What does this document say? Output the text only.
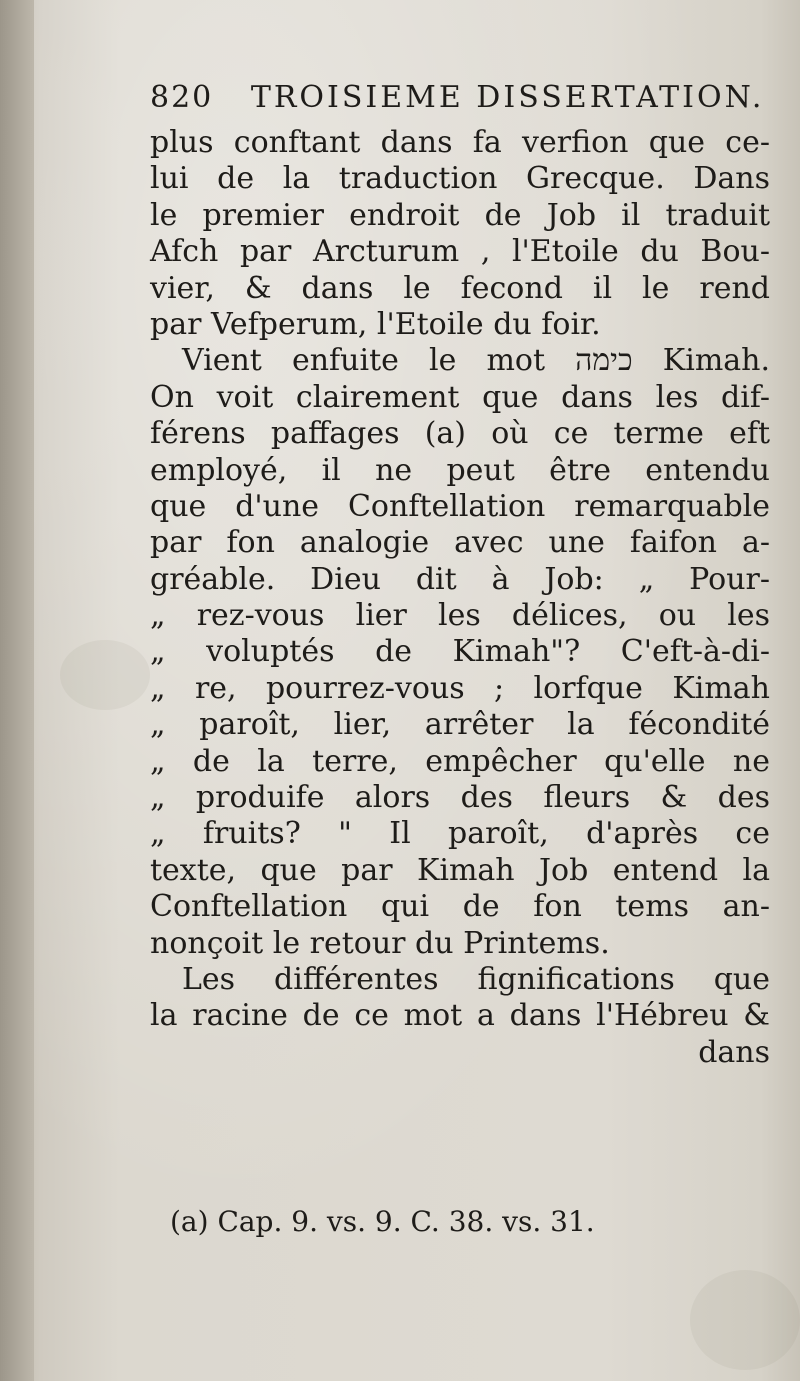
820 TROISIEME DISSERTATION.
plus conftant dans fa verfion que ce-
lui de la traduction Grecque. Dans
le premier endroit de Job il traduit
Afch par Arcturum , l'Etoile du Bou-
vier, & dans le fecond il le rend
par Vefperum, l'Etoile du foir.
Vient enfuite le mot כימה Kimah.
On voit clairement que dans les dif-
férens paffages (a) où ce terme eft
employé, il ne peut être entendu
que d'une Conftellation remarquable
par fon analogie avec une faifon a-
gréable. Dieu dit à Job: „ Pour-
„ rez-vous lier les délices, ou les
„ voluptés de Kimah"? C'eft-à-di-
„ re, pourrez-vous ; lorfque Kimah
„ paroît, lier, arrêter la fécondité
„ de la terre, empêcher qu'elle ne
„ produife alors des fleurs & des
„ fruits? " Il paroît, d'après ce
texte, que par Kimah Job entend la
Conftellation qui de fon tems an-
nonçoit le retour du Printems.
Les différentes fignifications que
la racine de ce mot a dans l'Hébreu &
dans
(a) Cap. 9. vs. 9. C. 38. vs. 31.
